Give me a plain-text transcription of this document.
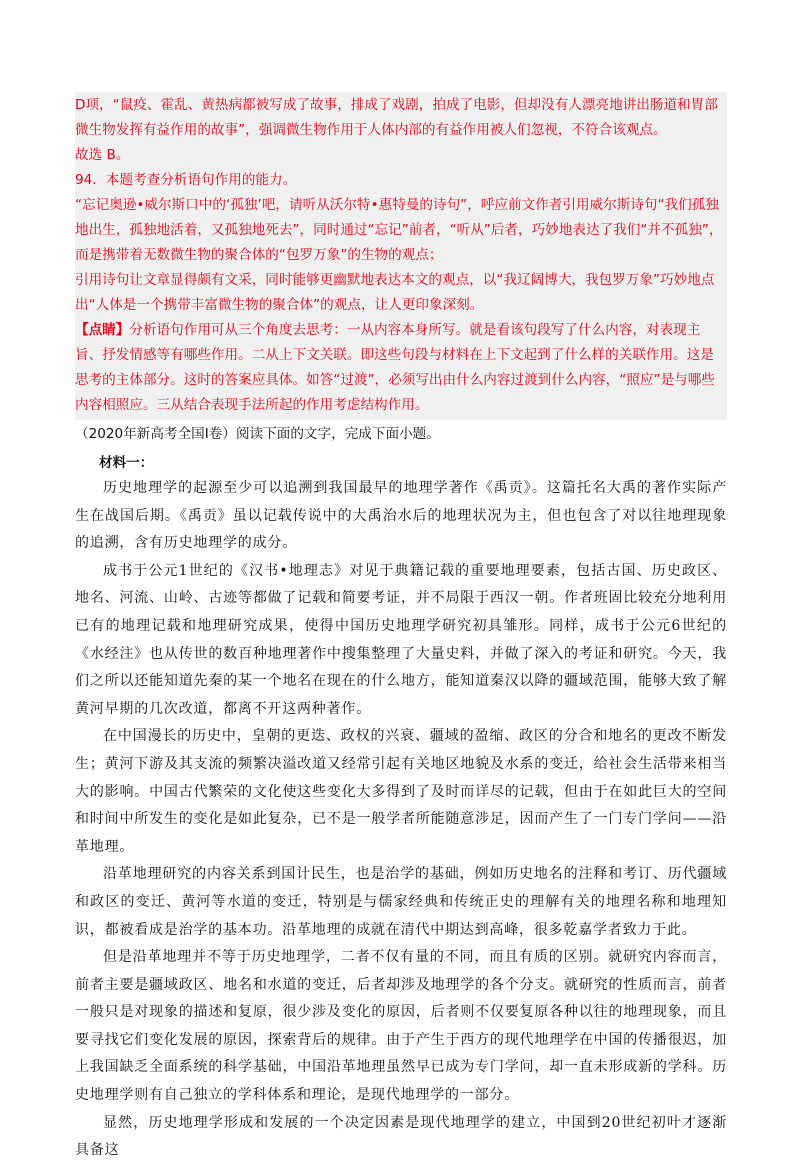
D项，“鼠疫、霍乱、黄热病都被写成了故事，排成了戏剧，拍成了电影，但却没有人漂亮地讲出肠道和胃部微生物发挥有益作用的故事”，强调微生物作用于人体内部的有益作用被人们忽视，不符合该观点。

故选 B。

94．本题考查分析语句作用的能力。

“忘记奥逊•威尔斯口中的‘孤独’吧，请听从沃尔特•惠特曼的诗句”，呼应前文作者引用威尔斯诗句“我们孤独地出生，孤独地活着，又孤独地死去”，同时通过“忘记”前者，“听从”后者，巧妙地表达了我们“并不孤独”，而是携带着无数微生物的聚合体的“包罗万象”的生物的观点；

引用诗句让文章显得颇有文采，同时能够更幽默地表达本文的观点，以“我辽阔博大，我包罗万象”巧妙地点出“人体是一个携带丰富微生物的聚合体”的观点，让人更印象深刻。

【点睛】分析语句作用可从三个角度去思考：一从内容本身所写。就是看该句段写了什么内容，对表现主旨、抒发情感等有哪些作用。二从上下文关联。即这些句段与材料在上下文起到了什么样的关联作用。这是思考的主体部分。这时的答案应具体。如答“过渡”，必须写出由什么内容过渡到什么内容，“照应”是与哪些内容相照应。三从结合表现手法所起的作用考虑结构作用。

（2020年新高考全国Ⅰ卷）阅读下面的文字，完成下面小题。

材料一：

历史地理学的起源至少可以追溯到我国最早的地理学著作《禹贡》。这篇托名大禹的著作实际产生在战国后期。《禹贡》虽以记载传说中的大禹治水后的地理状况为主，但也包含了对以往地理现象的追溯，含有历史地理学的成分。

成书于公元1世纪的《汉书•地理志》对见于典籍记载的重要地理要素，包括古国、历史政区、地名、河流、山岭、古迹等都做了记载和简要考证，并不局限于西汉一朝。作者班固比较充分地利用已有的地理记载和地理研究成果，使得中国历史地理学研究初具雏形。同样，成书于公元6世纪的《水经注》也从传世的数百种地理著作中搜集整理了大量史料，并做了深入的考证和研究。今天，我们之所以还能知道先秦的某一个地名在现在的什么地方，能知道秦汉以降的疆域范围，能够大致了解黄河早期的几次改道，都离不开这两种著作。

在中国漫长的历史中，皇朝的更迭、政权的兴衰、疆域的盈缩、政区的分合和地名的更改不断发生；黄河下游及其支流的频繁决溢改道又经常引起有关地区地貌及水系的变迁，给社会生活带来相当大的影响。中国古代繁荣的文化使这些变化大多得到了及时而详尽的记载，但由于在如此巨大的空间和时间中所发生的变化是如此复杂，已不是一般学者所能随意涉足，因而产生了一门专门学问——沿革地理。

沿革地理研究的内容关系到国计民生，也是治学的基础，例如历史地名的注释和考订、历代疆域和政区的变迁、黄河等水道的变迁，特别是与儒家经典和传统正史的理解有关的地理名称和地理知识，都被看成是治学的基本功。沿革地理的成就在清代中期达到高峰，很多乾嘉学者致力于此。

但是沿革地理并不等于历史地理学，二者不仅有量的不同，而且有质的区别。就研究内容而言，前者主要是疆域政区、地名和水道的变迁，后者却涉及地理学的各个分支。就研究的性质而言，前者一般只是对现象的描述和复原，很少涉及变化的原因，后者则不仅要复原各种以往的地理现象，而且要寻找它们变化发展的原因，探索背后的规律。由于产生于西方的现代地理学在中国的传播很迟，加上我国缺乏全面系统的科学基础，中国沿革地理虽然早已成为专门学问，却一直未形成新的学科。历史地理学则有自己独立的学科体系和理论，是现代地理学的一部分。

显然，历史地理学形成和发展的一个决定因素是现代地理学的建立，中国到20世纪初叶才逐渐具备这
